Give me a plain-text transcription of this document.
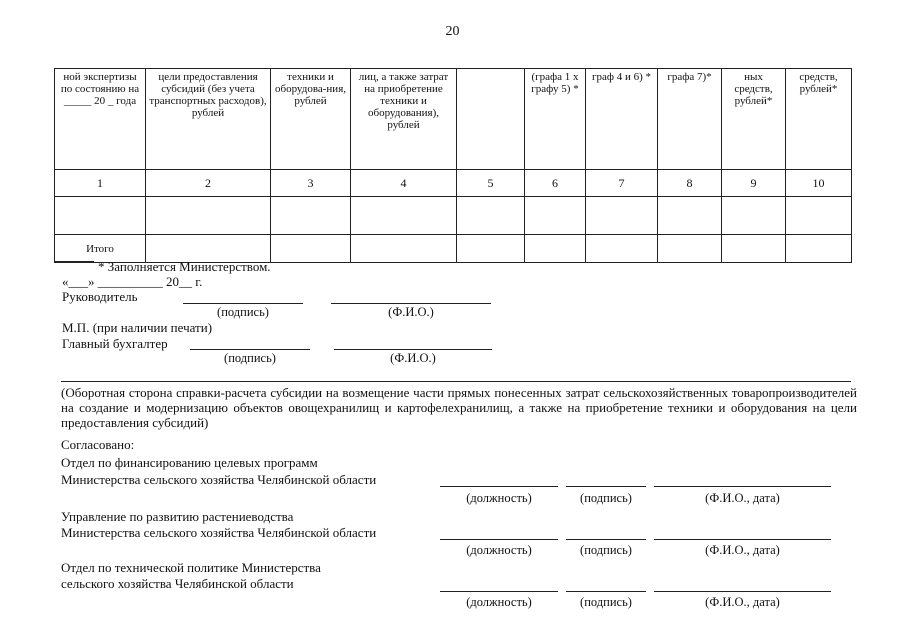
20
ной экспертизы по состоянию на _____ 20 _ года	цели предоставления субсидий (без учета транспортных расходов), рублей	техники и оборудова-ния, рублей	лиц, а также затрат на приобретение техники и оборудования), рублей		(графа 1 х графу 5) *	граф 4 и 6) *	графа 7)*	ных средств, рублей*	средств, рублей*
1	2	3	4	5	6	7	8	9	10

Итого									
* Заполняется Министерством.
«___» __________ 20__ г.
Руководитель
(подпись)	(Ф.И.О.)
М.П. (при наличии печати)
Главный бухгалтер
(подпись)	(Ф.И.О.)
(Оборотная сторона справки-расчета субсидии на возмещение части прямых понесенных затрат сельскохозяйственных товаропроизводителей на создание и модернизацию объектов овощехранилищ и картофелехранилищ, а также на приобретение техники и оборудования на цели предоставления субсидий)
Согласовано:
Отдел по финансированию целевых программ
Министерства сельского хозяйства Челябинской области
(должность)	(подпись)	(Ф.И.О., дата)
Управление по развитию растениеводства
Министерства сельского хозяйства Челябинской области
(должность)	(подпись)	(Ф.И.О., дата)
Отдел по технической политике Министерства
сельского хозяйства Челябинской области
(должность)	(подпись)	(Ф.И.О., дата)
